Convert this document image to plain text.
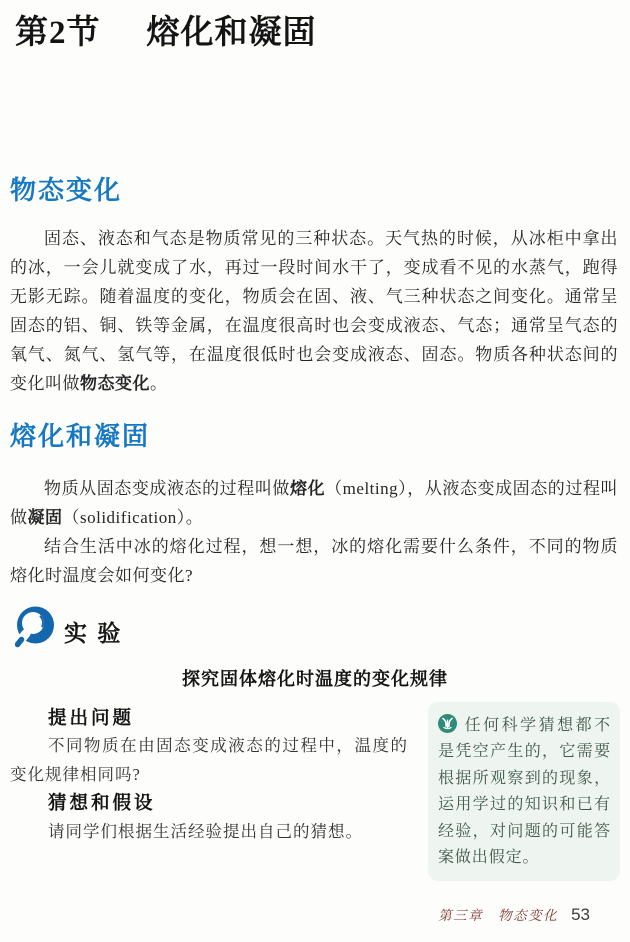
第2节 熔化和凝固
物态变化

固态、液态和气态是物质常见的三种状态。天气热的时候，从冰柜中拿出的冰，一会儿就变成了水，再过一段时间水干了，变成看不见的水蒸气，跑得无影无踪。随着温度的变化，物质会在固、液、气三种状态之间变化。通常呈固态的铝、铜、铁等金属，在温度很高时也会变成液态、气态；通常呈气态的氧气、氮气、氢气等，在温度很低时也会变成液态、固态。物质各种状态间的变化叫做物态变化。

熔化和凝固

物质从固态变成液态的过程叫做熔化（melting），从液态变成固态的过程叫做凝固（solidification）。

结合生活中冰的熔化过程，想一想，冰的熔化需要什么条件，不同的物质熔化时温度会如何变化?

实 验
探究固体熔化时温度的变化规律
提出问题
不同物质在由固态变成液态的过程中，温度的变化规律相同吗?
猜想和假设
请同学们根据生活经验提出自己的猜想。
任何科学猜想都不是凭空产生的，它需要根据所观察到的现象，运用学过的知识和已有经验，对问题的可能答案做出假定。
第三章　物态变化 53
